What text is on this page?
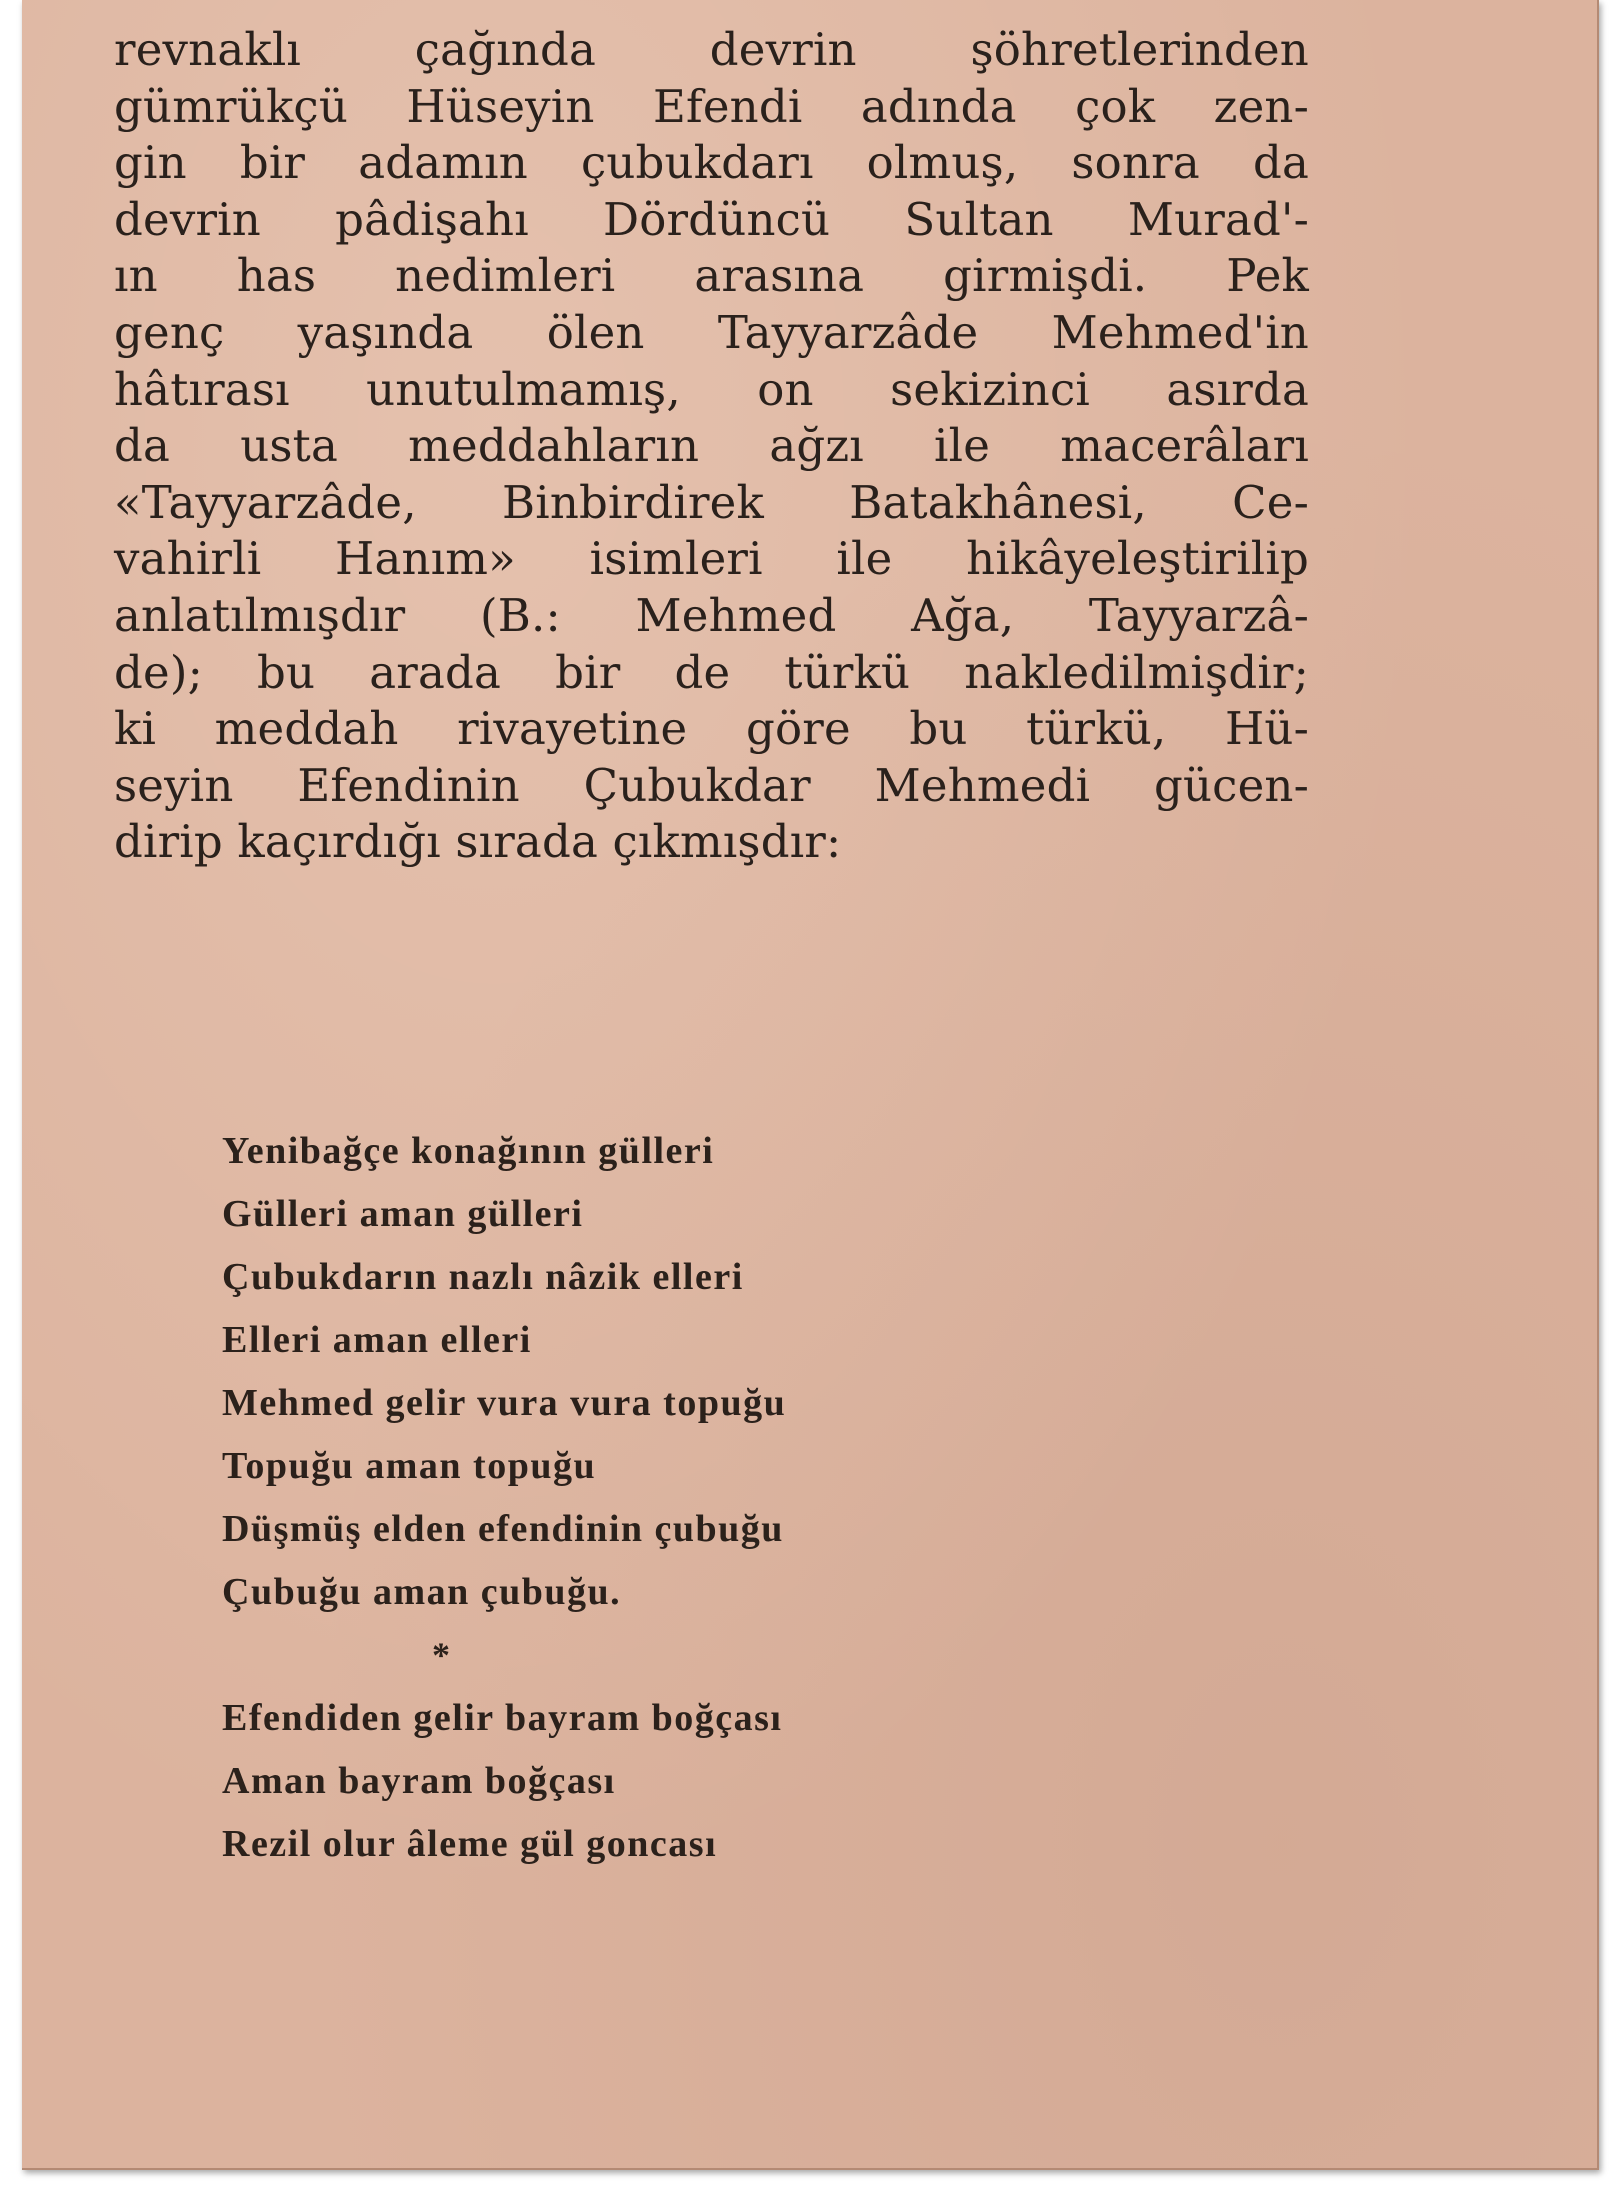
revnaklı çağında devrin şöhretlerinden
gümrükçü Hüseyin Efendi adında çok zen-
gin bir adamın çubukdarı olmuş, sonra da
devrin pâdişahı Dördüncü Sultan Murad'-
ın has nedimleri arasına girmişdi. Pek
genç yaşında ölen Tayyarzâde Mehmed'in
hâtırası unutulmamış, on sekizinci asırda
da usta meddahların ağzı ile macerâları
«Tayyarzâde, Binbirdirek Batakhânesi, Ce-
vahirli Hanım» isimleri ile hikâyeleştirilip
anlatılmışdır (B.: Mehmed Ağa, Tayyarzâ-
de); bu arada bir de türkü nakledilmişdir;
ki meddah rivayetine göre bu türkü, Hü-
seyin Efendinin Çubukdar Mehmedi gücen-
dirip kaçırdığı sırada çıkmışdır:
Yenibağçe konağının gülleri
Gülleri aman gülleri
Çubukdarın nazlı nâzik elleri
Elleri aman elleri
Mehmed gelir vura vura topuğu
Topuğu aman topuğu
Düşmüş elden efendinin çubuğu
Çubuğu aman çubuğu.
*
Efendiden gelir bayram boğçası
Aman bayram boğçası
Rezil olur âleme gül goncası
